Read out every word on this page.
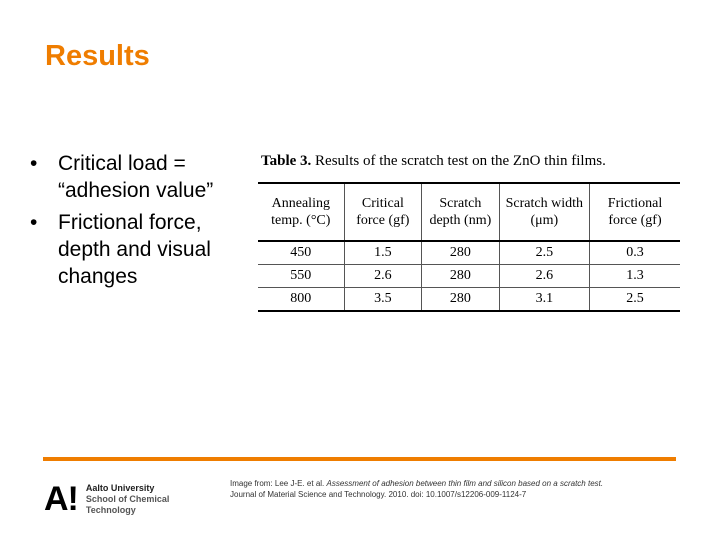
Results
• Critical load = “adhesion value”
• Frictional force, depth and visual changes

Table 3. Results of the scratch test on the ZnO thin films.

Annealing temp. (°C)	Critical force (gf)	Scratch depth (nm)	Scratch width (μm)	Frictional force (gf)
450	1.5	280	2.5	0.3
550	2.6	280	2.6	1.3
800	3.5	280	3.1	2.5
A! Aalto University
School of Chemical
Technology
Image from: Lee J-E. et al. Assessment of adhesion between thin film and silicon based on a scratch test.
Journal of Material Science and Technology. 2010. doi: 10.1007/s12206-009-1124-7
